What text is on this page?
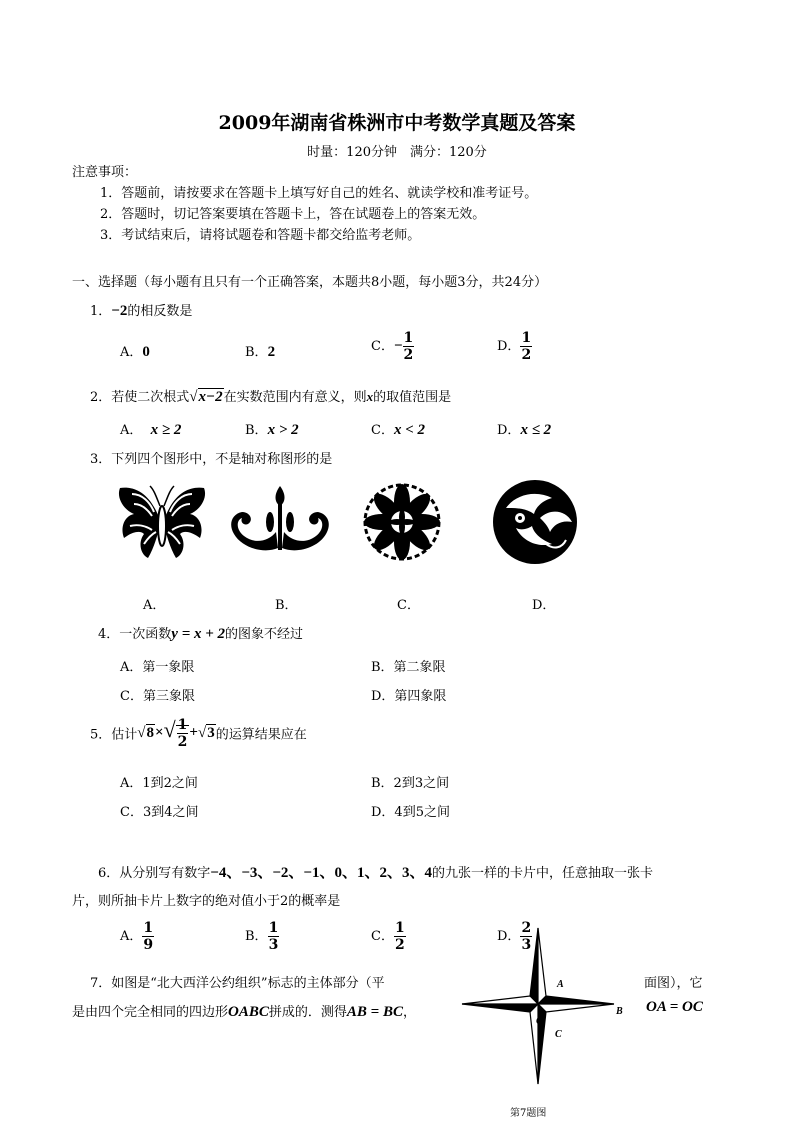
2009年湖南省株洲市中考数学真题及答案
时量：120分钟　满分：120分
注意事项：
1．答题前，请按要求在答题卡上填写好自己的姓名、就读学校和准考证号。
2．答题时，切记答案要填在答题卡上，答在试题卷上的答案无效。
3．考试结束后，请将试题卷和答题卡都交给监考老师。
一、选择题（每小题有且只有一个正确答案，本题共8小题，每小题3分，共24分）
1．−2的相反数是
A．0	B．2	C．− $\frac{1}{2}$	D． $\frac{1}{2}$
2．若使二次根式√x−2在实数范围内有意义，则x的取值范围是
A． x ≥ 2	B．x > 2	C．x < 2	D．x ≤ 2
3．下列四个图形中，不是轴对称图形的是
A．	B．	C．	D．
4．一次函数y = x + 2的图象不经过
A．第一象限	B．第二象限
C．第三象限	D．第四象限
5．估计$√8\times√ \frac{1}{2} +√3$的运算结果应在
A．1到2之间	B．2到3之间
C．3到4之间	D．4到5之间
6．从分别写有数字−4、−3、−2、−1、0、1、2、3、4的九张一样的卡片中，任意抽取一张卡
片，则所抽卡片上数字的绝对值小于2的概率是
A． $\frac{1}{9}$	B． $\frac{1}{3}$	C． $\frac{1}{2}$	D． $\frac{2}{3}$
7．如图是“北大西洋公约组织”标志的主体部分（平	面图），它
是由四个完全相同的四边形OABC拼成的．测得AB = BC，	OA = OC
A
B
O
C
第7题图
